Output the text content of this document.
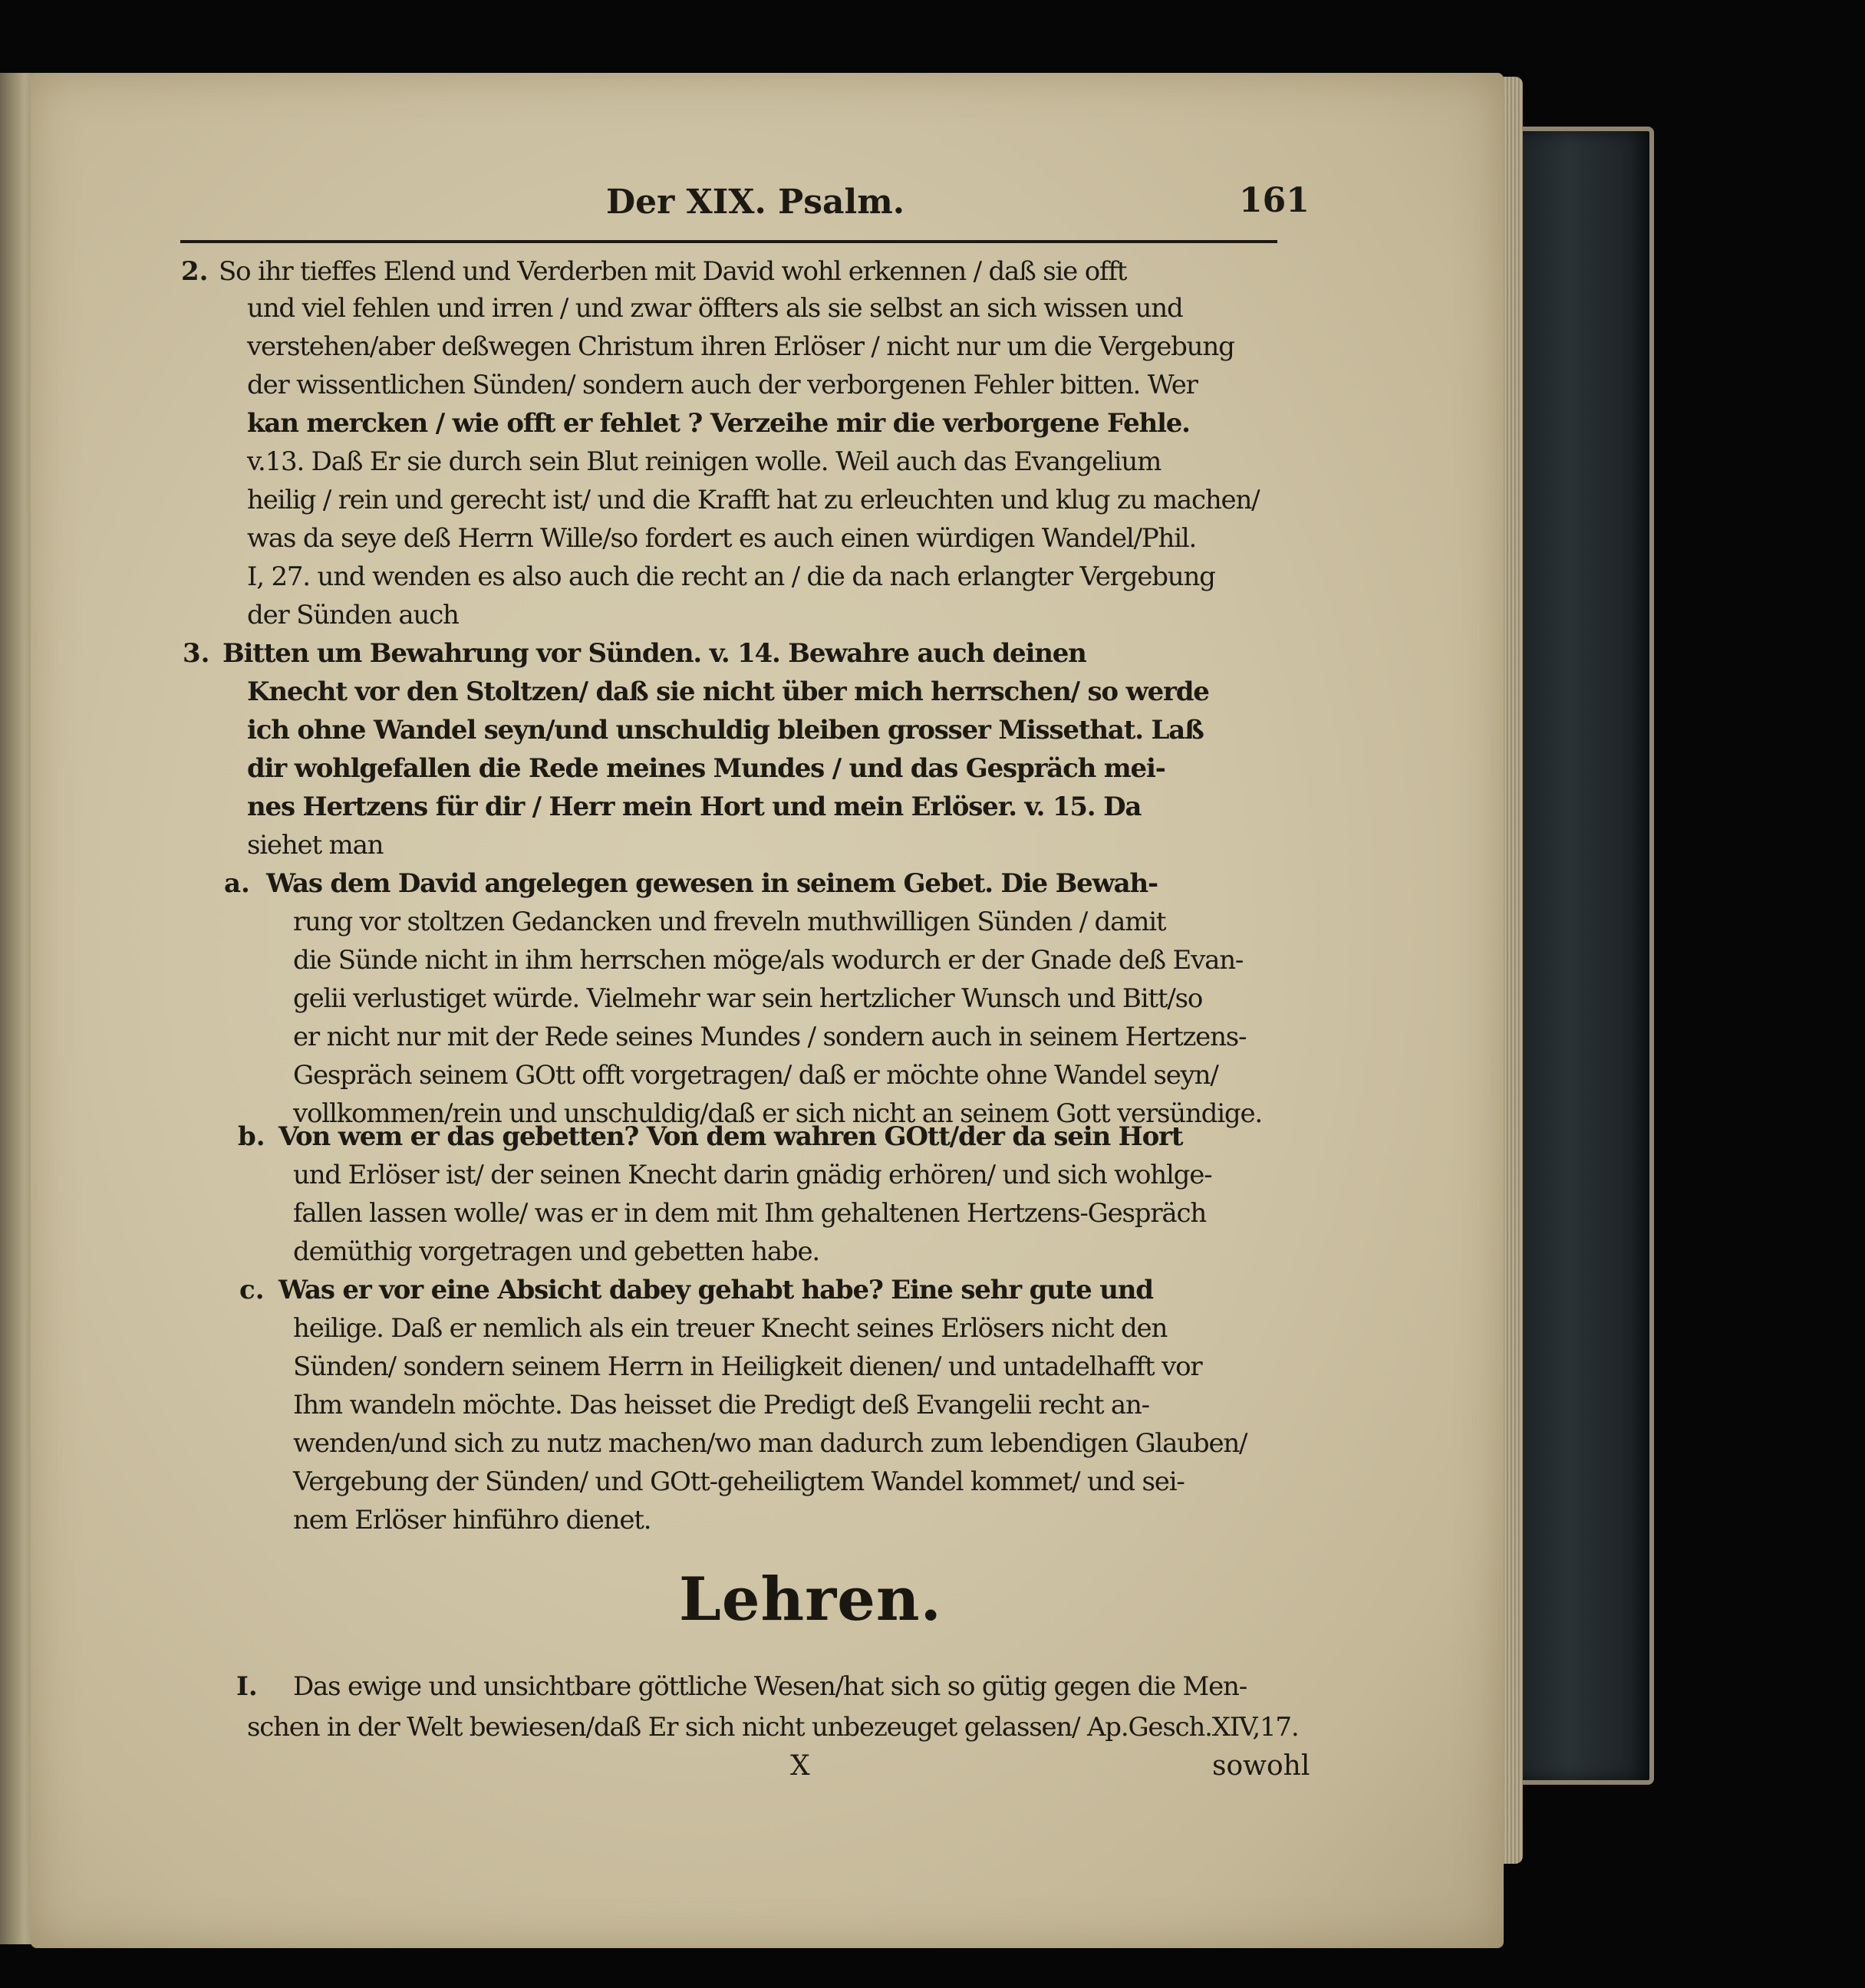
Der XIX. Psalm.	161
2. So ihr tieffes Elend und Verderben mit David wohl erkennen / daß sie offt
und viel fehlen und irren / und zwar öffters als sie selbst an sich wissen und
verstehen/aber deßwegen Christum ihren Erlöser / nicht nur um die Vergebung
der wissentlichen Sünden/ sondern auch der verborgenen Fehler bitten. Wer
kan mercken / wie offt er fehlet ? Verzeihe mir die verborgene Fehle.
v.13. Daß Er sie durch sein Blut reinigen wolle. Weil auch das Evangelium
heilig / rein und gerecht ist/ und die Krafft hat zu erleuchten und klug zu machen/
was da seye deß Herrn Wille/so fordert es auch einen würdigen Wandel/Phil.
I, 27. und wenden es also auch die recht an / die da nach erlangter Vergebung
der Sünden auch
3. Bitten um Bewahrung vor Sünden. v. 14. Bewahre auch deinen
Knecht vor den Stoltzen/ daß sie nicht über mich herrschen/ so werde
ich ohne Wandel seyn/und unschuldig bleiben grosser Missethat. Laß
dir wohlgefallen die Rede meines Mundes / und das Gespräch mei-
nes Hertzens für dir / Herr mein Hort und mein Erlöser. v. 15. Da
siehet man
a. Was dem David angelegen gewesen in seinem Gebet. Die Bewah-
rung vor stoltzen Gedancken und freveln muthwilligen Sünden / damit
die Sünde nicht in ihm herrschen möge/als wodurch er der Gnade deß Evan-
gelii verlustiget würde. Vielmehr war sein hertzlicher Wunsch und Bitt/so
er nicht nur mit der Rede seines Mundes / sondern auch in seinem Hertzens-
Gespräch seinem GOtt offt vorgetragen/ daß er möchte ohne Wandel seyn/
vollkommen/rein und unschuldig/daß er sich nicht an seinem Gott versündige.
b. Von wem er das gebetten? Von dem wahren GOtt/der da sein Hort
und Erlöser ist/ der seinen Knecht darin gnädig erhören/ und sich wohlge-
fallen lassen wolle/ was er in dem mit Ihm gehaltenen Hertzens-Gespräch
demüthig vorgetragen und gebetten habe.
c. Was er vor eine Absicht dabey gehabt habe? Eine sehr gute und
heilige. Daß er nemlich als ein treuer Knecht seines Erlösers nicht den
Sünden/ sondern seinem Herrn in Heiligkeit dienen/ und untadelhafft vor
Ihm wandeln möchte. Das heisset die Predigt deß Evangelii recht an-
wenden/und sich zu nutz machen/wo man dadurch zum lebendigen Glauben/
Vergebung der Sünden/ und GOtt-geheiligtem Wandel kommet/ und sei-
nem Erlöser hinführo dienet.
Lehren.
I. Das ewige und unsichtbare göttliche Wesen/hat sich so gütig gegen die Men-
schen in der Welt bewiesen/daß Er sich nicht unbezeuget gelassen/ Ap.Gesch.XIV,17.
X	sowohl
